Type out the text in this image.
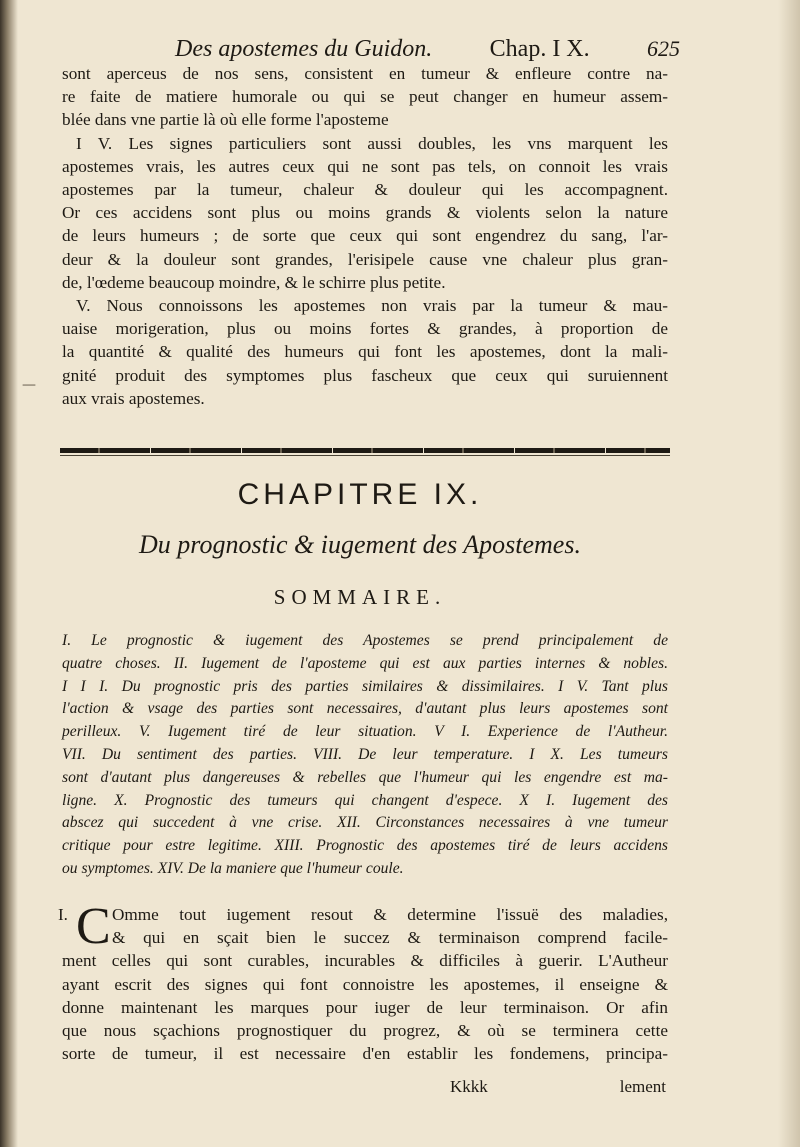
Des apostemes du Guidon. Chap. I X.	625
sont aperceus de nos sens, consistent en tumeur & enfleure contre na-
re faite de matiere humorale ou qui se peut changer en humeur assem-
blée dans vne partie là où elle forme l'aposteme
I V. Les signes particuliers sont aussi doubles, les vns marquent les
apostemes vrais, les autres ceux qui ne sont pas tels, on connoit les vrais
apostemes par la tumeur, chaleur & douleur qui les accompagnent.
Or ces accidens sont plus ou moins grands & violents selon la nature
de leurs humeurs ; de sorte que ceux qui sont engendrez du sang, l'ar-
deur & la douleur sont grandes, l'erisipele cause vne chaleur plus gran-
de, l'œdeme beaucoup moindre, & le schirre plus petite.
V. Nous connoissons les apostemes non vrais par la tumeur & mau-
uaise morigeration, plus ou moins fortes & grandes, à proportion de
la quantité & qualité des humeurs qui font les apostemes, dont la mali-
gnité produit des symptomes plus fascheux que ceux qui suruiennent
aux vrais apostemes.
—
CHAPITRE IX.
Du prognostic & iugement des Apostemes.
SOMMAIRE.
I. Le prognostic & iugement des Apostemes se prend principalement de
quatre choses. II. Iugement de l'aposteme qui est aux parties internes & nobles.
I I I. Du prognostic pris des parties similaires & dissimilaires. I V. Tant plus
l'action & vsage des parties sont necessaires, d'autant plus leurs apostemes sont
perilleux. V. Iugement tiré de leur situation. V I. Experience de l'Autheur.
VII. Du sentiment des parties. VIII. De leur temperature. I X. Les tumeurs
sont d'autant plus dangereuses & rebelles que l'humeur qui les engendre est ma-
ligne. X. Prognostic des tumeurs qui changent d'espece. X I. Iugement des
abscez qui succedent à vne crise. XII. Circonstances necessaires à vne tumeur
critique pour estre legitime. XIII. Prognostic des apostemes tiré de leurs accidens
ou symptomes. XIV. De la maniere que l'humeur coule.
I. C Omme tout iugement resout & determine l'issuë des maladies,
& qui en sçait bien le succez & terminaison comprend facile-
ment celles qui sont curables, incurables & difficiles à guerir. L'Autheur
ayant escrit des signes qui font connoistre les apostemes, il enseigne &
donne maintenant les marques pour iuger de leur terminaison. Or afin
que nous sçachions prognostiquer du progrez, & où se terminera cette
sorte de tumeur, il est necessaire d'en establir les fondemens, principa-
Kkkk	lement
